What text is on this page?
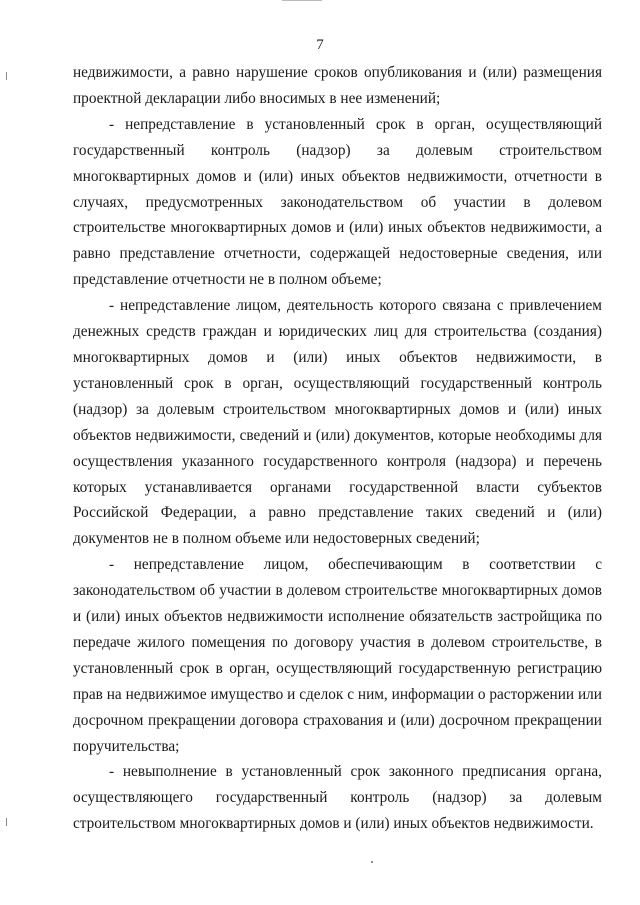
7

недвижимости, а равно нарушение сроков опубликования и (или) размещения проектной декларации либо вносимых в нее изменений;

- непредставление в установленный срок в орган, осуществляющий государственный контроль (надзор) за долевым строительством многоквартирных домов и (или) иных объектов недвижимости, отчетности в случаях, предусмотренных законодательством об участии в долевом строительстве многоквартирных домов и (или) иных объектов недвижимости, а равно представление отчетности, содержащей недостоверные сведения, или представление отчетности не в полном объеме;

- непредставление лицом, деятельность которого связана с привлечением денежных средств граждан и юридических лиц для строительства (создания) многоквартирных домов и (или) иных объектов недвижимости, в установленный срок в орган, осуществляющий государственный контроль (надзор) за долевым строительством многоквартирных домов и (или) иных объектов недвижимости, сведений и (или) документов, которые необходимы для осуществления указанного государственного контроля (надзора) и перечень которых устанавливается органами государственной власти субъектов Российской Федерации, а равно представление таких сведений и (или) документов не в полном объеме или недостоверных сведений;

- непредставление лицом, обеспечивающим в соответствии с законодательством об участии в долевом строительстве многоквартирных домов и (или) иных объектов недвижимости исполнение обязательств застройщика по передаче жилого помещения по договору участия в долевом строительстве, в установленный срок в орган, осуществляющий государственную регистрацию прав на недвижимое имущество и сделок с ним, информации о расторжении или досрочном прекращении договора страхования и (или) досрочном прекращении поручительства;

- невыполнение в установленный срок законного предписания органа, осуществляющего государственный контроль (надзор) за долевым строительством многоквартирных домов и (или) иных объектов недвижимости.
